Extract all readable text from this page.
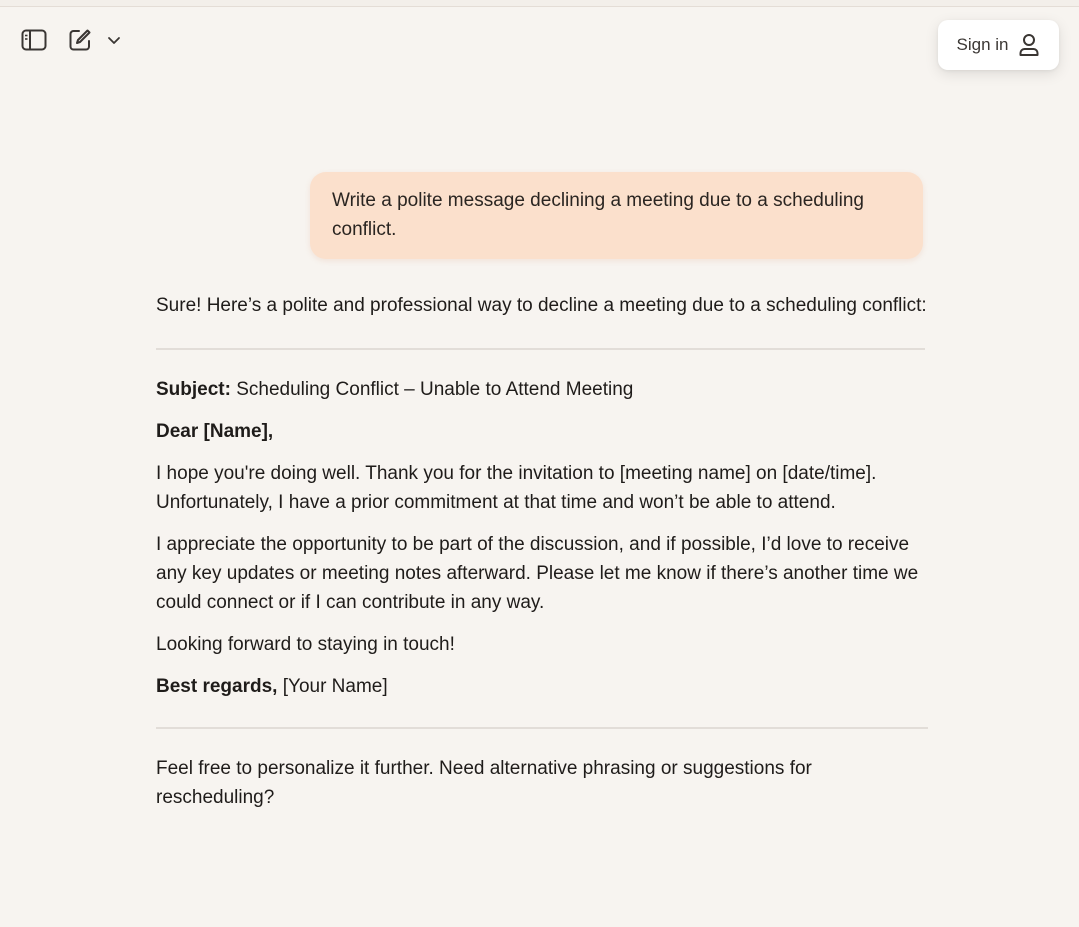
Sign in
Write a polite message declining a meeting due to a scheduling conflict.

Sure! Here’s a polite and professional way to decline a meeting due to a scheduling conflict:

Subject: Scheduling Conflict – Unable to Attend Meeting

Dear [Name],

I hope you're doing well. Thank you for the invitation to [meeting name] on [date/time]. Unfortunately, I have a prior commitment at that time and won’t be able to attend.

I appreciate the opportunity to be part of the discussion, and if possible, I’d love to receive any key updates or meeting notes afterward. Please let me know if there’s another time we could connect or if I can contribute in any way.

Looking forward to staying in touch!

Best regards, [Your Name]

Feel free to personalize it further. Need alternative phrasing or suggestions for rescheduling?
